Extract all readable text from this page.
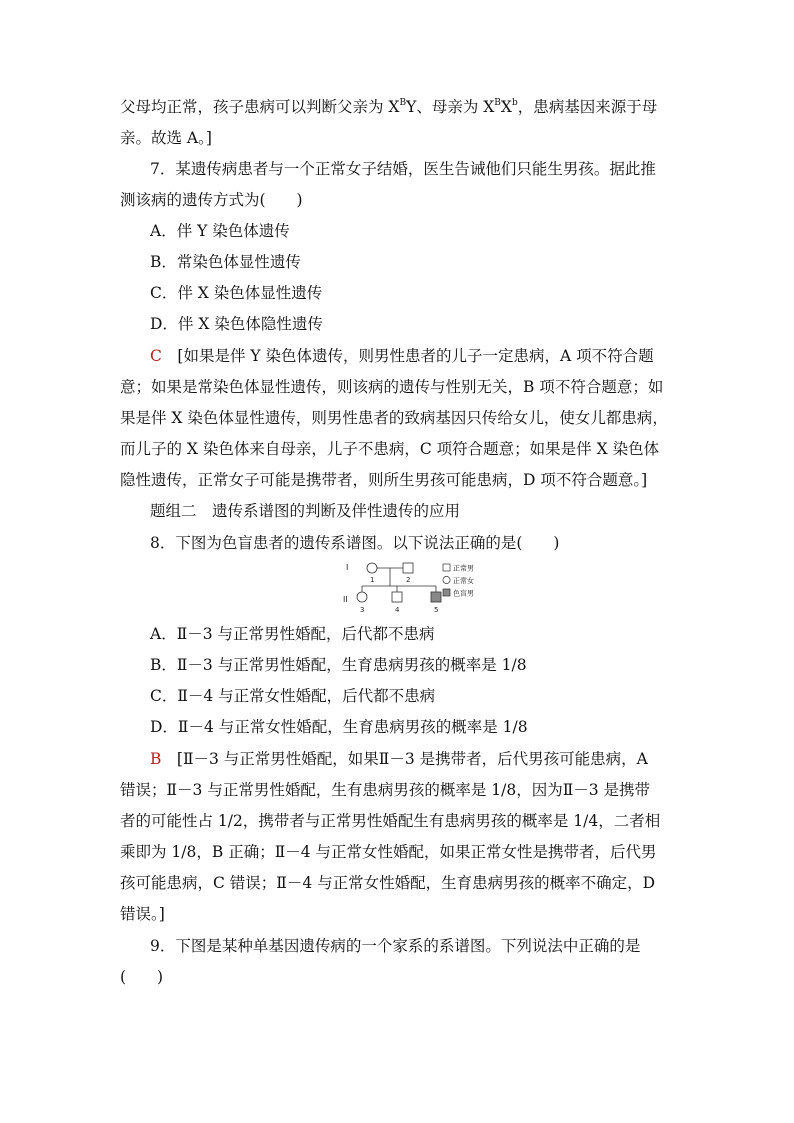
父母均正常，孩子患病可以判断父亲为 $X^BY$、母亲为 $X^BX^b$，患病基因来源于母
亲。故选 A。]
7．某遗传病患者与一个正常女子结婚，医生告诫他们只能生男孩。据此推
测该病的遗传方式为(　　)
A．伴 Y 染色体遗传
B．常染色体显性遗传
C．伴 X 染色体显性遗传
D．伴 X 染色体隐性遗传
C　 [如果是伴 Y 染色体遗传，则男性患者的儿子一定患病，A 项不符合题
意；如果是常染色体显性遗传，则该病的遗传与性别无关，B 项不符合题意；如
果是伴 X 染色体显性遗传，则男性患者的致病基因只传给女儿，使女儿都患病，
而儿子的 X 染色体来自母亲，儿子不患病，C 项符合题意；如果是伴 X 染色体
隐性遗传，正常女子可能是携带者，则所生男孩可能患病，D 项不符合题意。]
题组二　遗传系谱图的判断及伴性遗传的应用
8．下图为色盲患者的遗传系谱图。以下说法正确的是(　　)
I
II
1	2
3	4	5
正常男
正常女
色盲男
A．Ⅱ－3 与正常男性婚配，后代都不患病
B．Ⅱ－3 与正常男性婚配，生育患病男孩的概率是 1/8
C．Ⅱ－4 与正常女性婚配，后代都不患病
D．Ⅱ－4 与正常女性婚配，生育患病男孩的概率是 1/8
B　 [Ⅱ－3 与正常男性婚配，如果Ⅱ－3 是携带者，后代男孩可能患病，A
错误；Ⅱ－3 与正常男性婚配，生有患病男孩的概率是 1/8，因为Ⅱ－3 是携带
者的可能性占 1/2，携带者与正常男性婚配生有患病男孩的概率是 1/4，二者相
乘即为 1/8，B 正确；Ⅱ－4 与正常女性婚配，如果正常女性是携带者，后代男
孩可能患病，C 错误；Ⅱ－4 与正常女性婚配，生育患病男孩的概率不确定，D
错误。]
9．下图是某种单基因遗传病的一个家系的系谱图。下列说法中正确的是
(　　)
